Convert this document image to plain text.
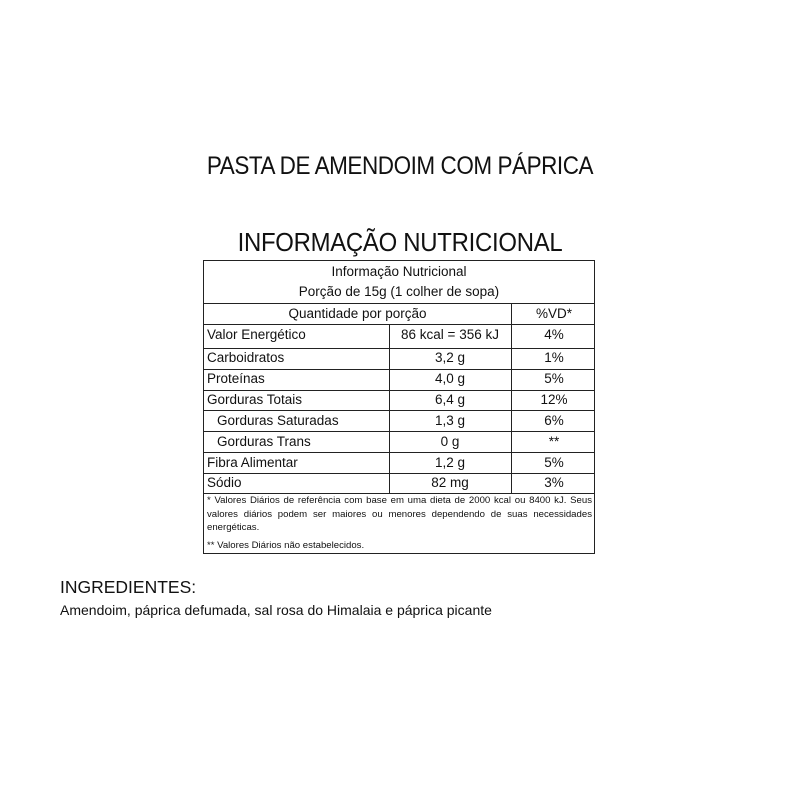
PASTA DE AMENDOIM COM PÁPRICA
INFORMAÇÃO NUTRICIONAL
Informação Nutricional
Porção de 15g (1 colher de sopa)
Quantidade por porção	%VD*
Valor Energético	86 kcal = 356 kJ	4%
Carboidratos	3,2 g	1%
Proteínas	4,0 g	5%
Gorduras Totais	6,4 g	12%
Gorduras Saturadas	1,3 g	6%
Gorduras Trans	0 g	**
Fibra Alimentar	1,2 g	5%
Sódio	82 mg	3%
* Valores Diários de referência com base em uma dieta de 2000 kcal ou 8400 kJ. Seus valores diários podem ser maiores ou menores dependendo de suas necessidades energéticas.
** Valores Diários não estabelecidos.
INGREDIENTES:
Amendoim, páprica defumada, sal rosa do Himalaia e páprica picante
